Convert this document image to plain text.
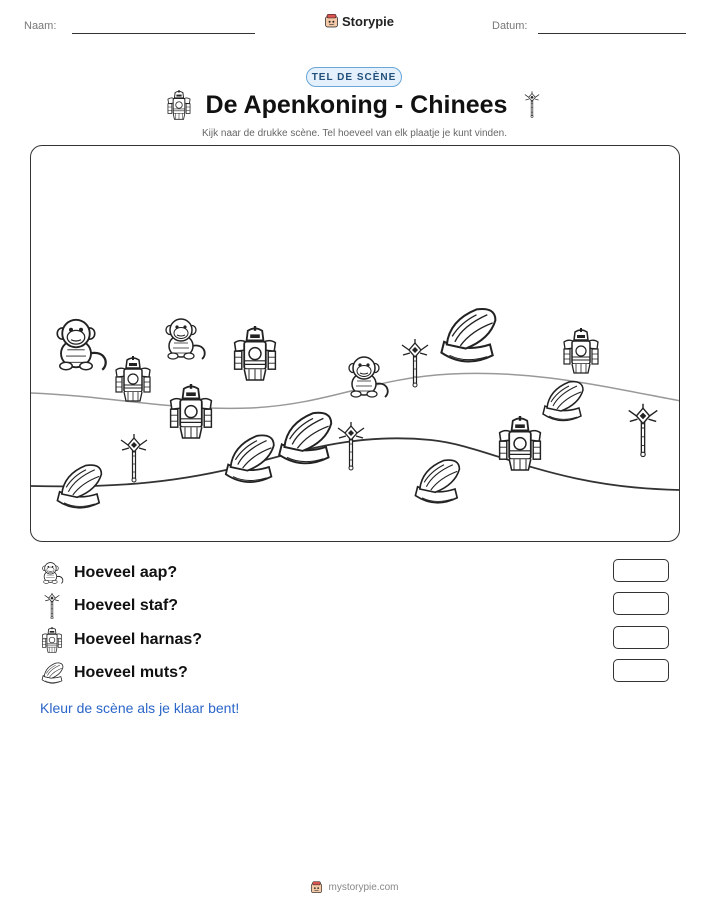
Naam:	Storypie	Datum:
TEL DE SCÈNE
De Apenkoning - Chinees
Kijk naar de drukke scène. Tel hoeveel van elk plaatje je kunt vinden.
Hoeveel aap?
Hoeveel staf?
Hoeveel harnas?
Hoeveel muts?
Kleur de scène als je klaar bent!
mystorypie.com
